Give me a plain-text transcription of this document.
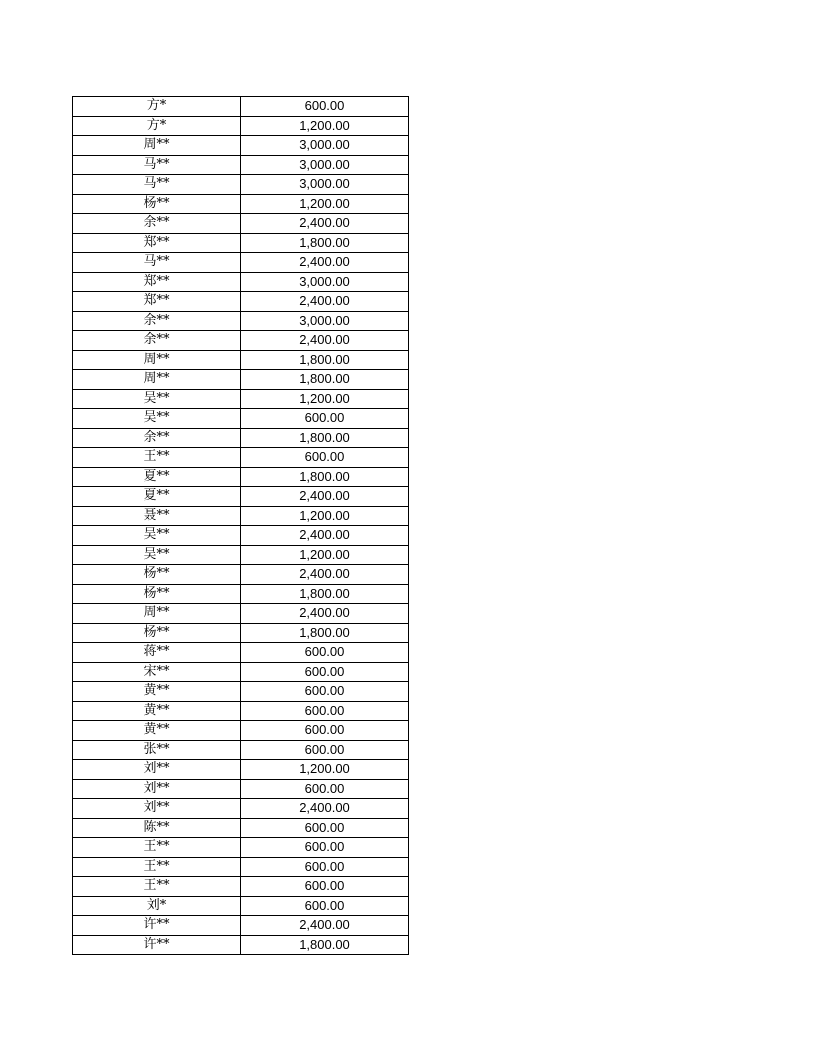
方*	600.00
方*	1,200.00
周**	3,000.00
马**	3,000.00
马**	3,000.00
杨**	1,200.00
余**	2,400.00
郑**	1,800.00
马**	2,400.00
郑**	3,000.00
郑**	2,400.00
余**	3,000.00
余**	2,400.00
周**	1,800.00
周**	1,800.00
吴**	1,200.00
吴**	600.00
余**	1,800.00
王**	600.00
夏**	1,800.00
夏**	2,400.00
聂**	1,200.00
吴**	2,400.00
吴**	1,200.00
杨**	2,400.00
杨**	1,800.00
周**	2,400.00
杨**	1,800.00
蒋**	600.00
宋**	600.00
黄**	600.00
黄**	600.00
黄**	600.00
张**	600.00
刘**	1,200.00
刘**	600.00
刘**	2,400.00
陈**	600.00
王**	600.00
王**	600.00
王**	600.00
刘*	600.00
许**	2,400.00
许**	1,800.00
